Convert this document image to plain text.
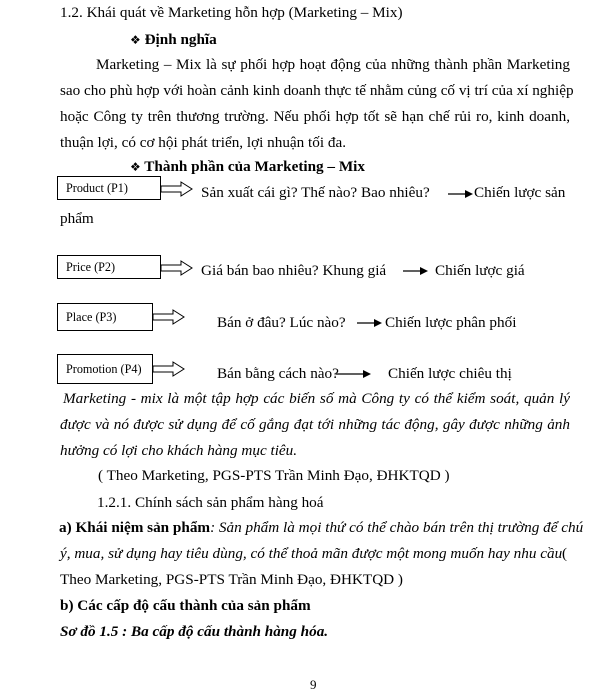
1.2. Khái quát về Marketing hỗn hợp (Marketing – Mix)
❖ Định nghĩa
Marketing – Mix là sự phối hợp hoạt động của những thành phần Marketing
sao cho phù hợp với hoàn cảnh kinh doanh thực tế nhằm củng cố vị trí của xí nghiệp
hoặc Công ty trên thương trường. Nếu phối hợp tốt sẽ hạn chế rủi ro, kinh doanh,
thuận lợi, có cơ hội phát triển, lợi nhuận tối đa.
❖ Thành phần của Marketing – Mix
Product (P1)	Sản xuất cái gì? Thế nào? Bao nhiêu?	Chiến lược sản
phẩm
Price (P2)	Giá bán bao nhiêu? Khung giá	Chiến lược giá
Place (P3)	Bán ở đâu? Lúc nào?	Chiến lược phân phối
Promotion (P4)	Bán bằng cách nào?	Chiến lược chiêu thị
Marketing - mix là một tập hợp các biến số mà Công ty có thể kiểm soát, quản lý
được và nó được sử dụng để cố gắng đạt tới những tác động, gây được những ảnh
hưởng có lợi cho khách hàng mục tiêu.
( Theo Marketing, PGS-PTS Trần Minh Đạo, ĐHKTQD )
1.2.1. Chính sách sản phẩm hàng hoá
a) Khái niệm sản phẩm: Sản phẩm là mọi thứ có thể chào bán trên thị trường để chú
ý, mua, sử dụng hay tiêu dùng, có thể thoả mãn được một mong muốn hay nhu cầu (
Theo Marketing, PGS-PTS Trần Minh Đạo, ĐHKTQD )
b) Các cấp độ cấu thành của sản phẩm
Sơ đồ 1.5 : Ba cấp độ cấu thành hàng hóa.
9
